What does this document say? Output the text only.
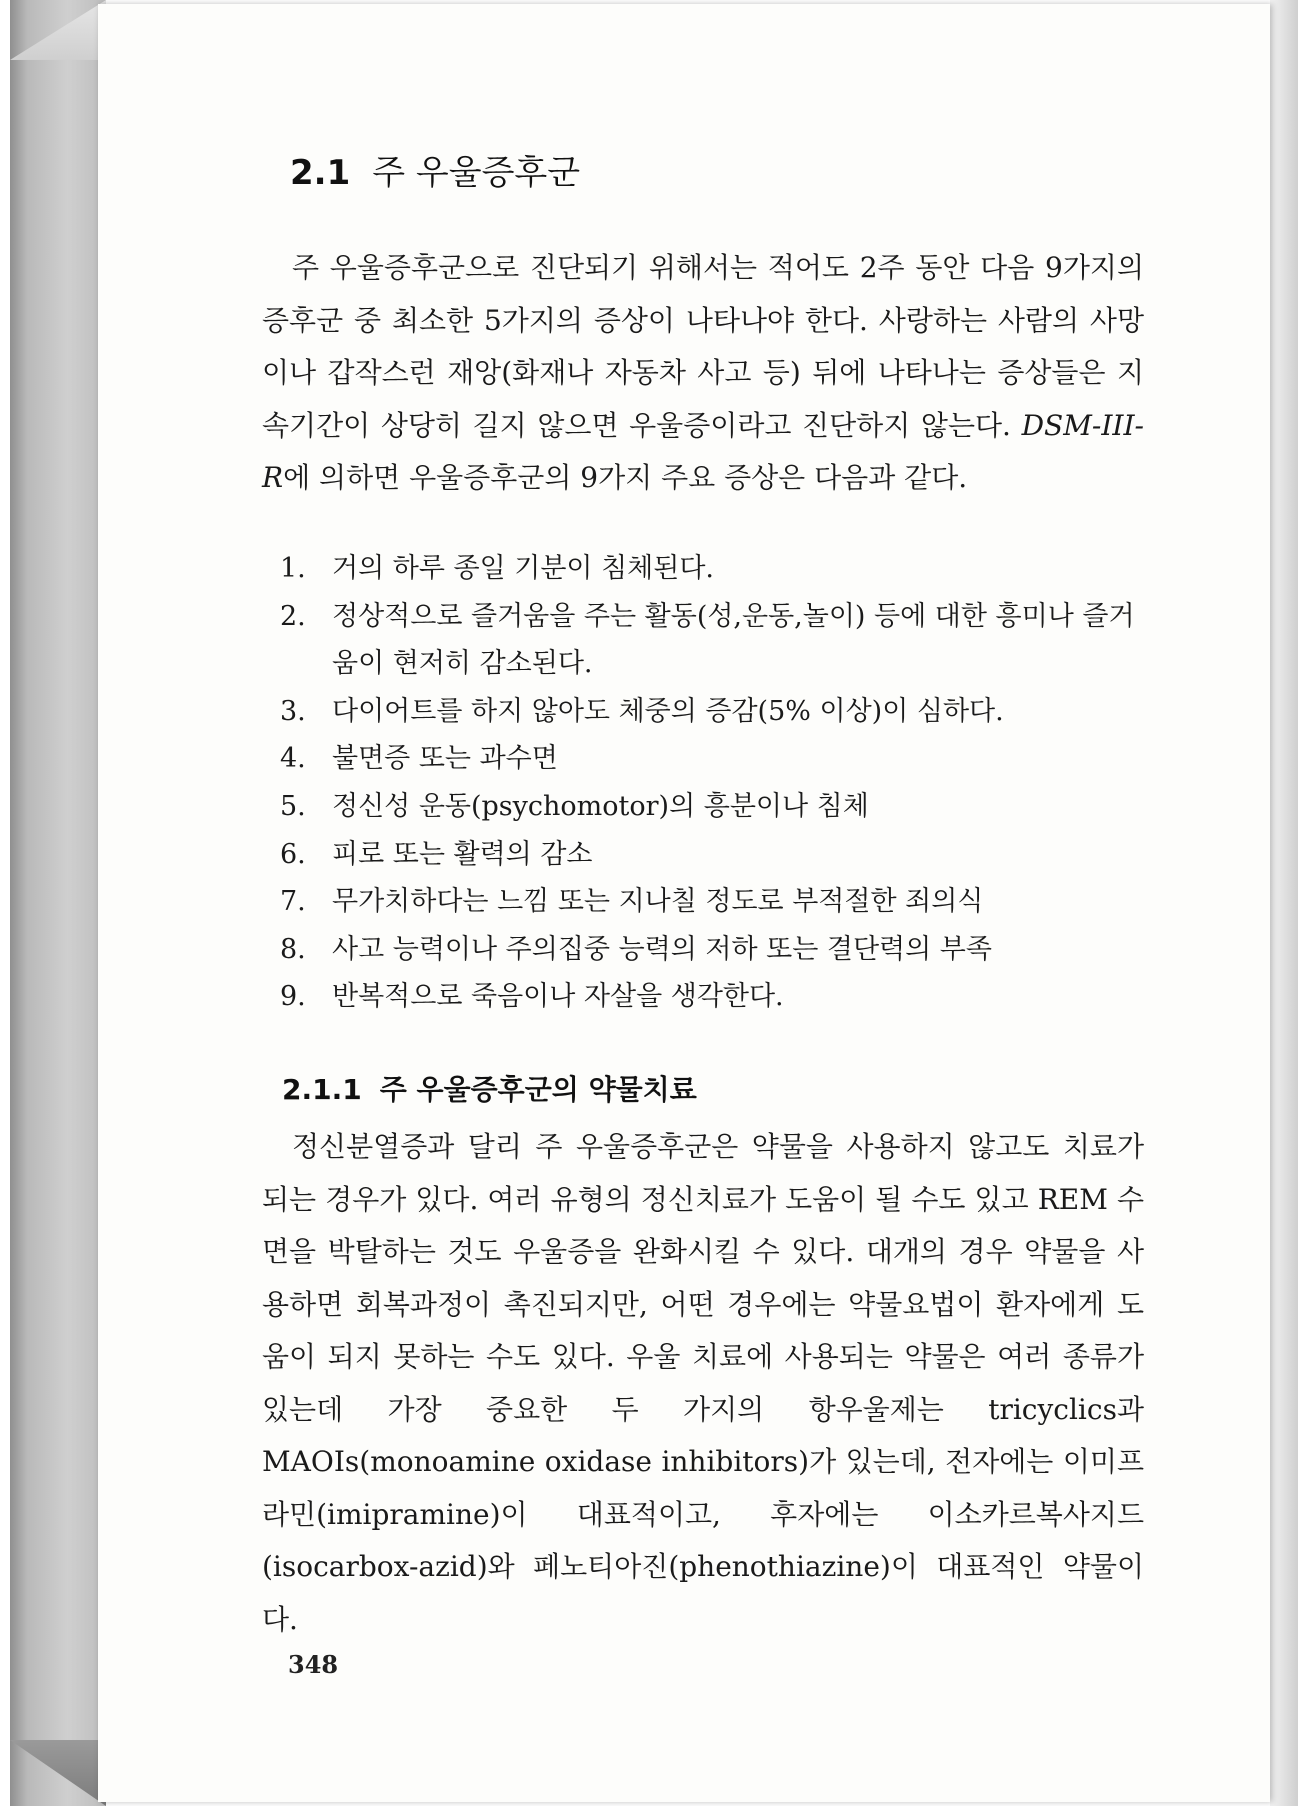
2.1 주 우울증후군

주 우울증후군으로 진단되기 위해서는 적어도 2주 동안 다음 9가지의 증후군 중 최소한 5가지의 증상이 나타나야 한다. 사랑하는 사람의 사망이나 갑작스런 재앙(화재나 자동차 사고 등) 뒤에 나타나는 증상들은 지속기간이 상당히 길지 않으면 우울증이라고 진단하지 않는다. DSM-III-R에 의하면 우울증후군의 9가지 주요 증상은 다음과 같다.

1. 거의 하루 종일 기분이 침체된다.
2. 정상적으로 즐거움을 주는 활동(성,운동,놀이) 등에 대한 흥미나 즐거움이 현저히 감소된다.
3. 다이어트를 하지 않아도 체중의 증감(5% 이상)이 심하다.
4. 불면증 또는 과수면
5. 정신성 운동(psychomotor)의 흥분이나 침체
6. 피로 또는 활력의 감소
7. 무가치하다는 느낌 또는 지나칠 정도로 부적절한 죄의식
8. 사고 능력이나 주의집중 능력의 저하 또는 결단력의 부족
9. 반복적으로 죽음이나 자살을 생각한다.
2.1.1 주 우울증후군의 약물치료

정신분열증과 달리 주 우울증후군은 약물을 사용하지 않고도 치료가 되는 경우가 있다. 여러 유형의 정신치료가 도움이 될 수도 있고 REM 수면을 박탈하는 것도 우울증을 완화시킬 수 있다. 대개의 경우 약물을 사용하면 회복과정이 촉진되지만, 어떤 경우에는 약물요법이 환자에게 도움이 되지 못하는 수도 있다. 우울 치료에 사용되는 약물은 여러 종류가 있는데 가장 중요한 두 가지의 항우울제는 tricyclics과 MAOIs(monoamine oxidase inhibitors)가 있는데, 전자에는 이미프라민(imipramine)이 대표적이고, 후자에는 이소카르복사지드(isocarbox-azid)와 페노티아진(phenothiazine)이 대표적인 약물이다.

348
